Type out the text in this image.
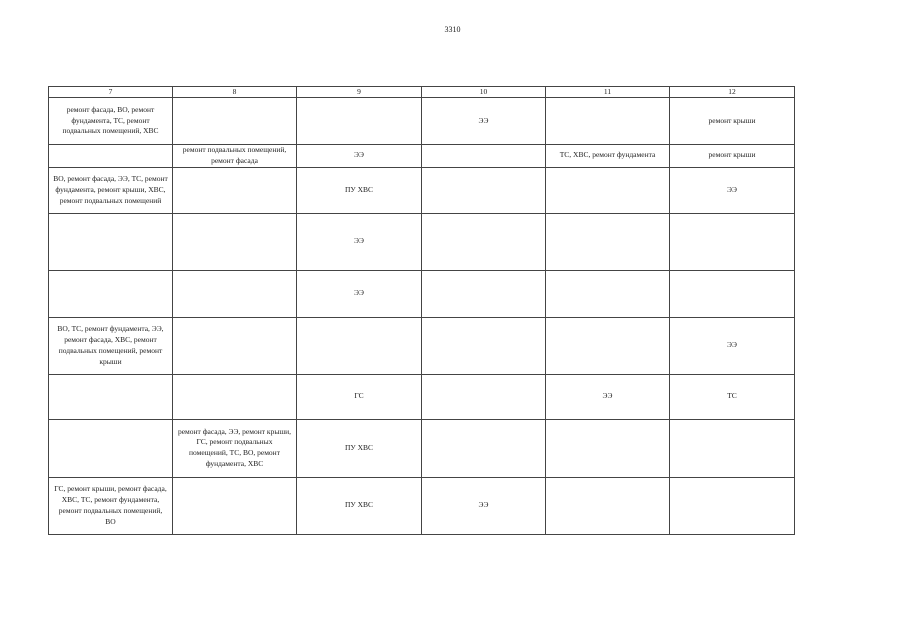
3310
7	8	9	10	11	12
ремонт фасада, ВО, ремонт фундамента, ТС, ремонт подвальных помещений, ХВС			ЭЭ		ремонт крыши
	ремонт подвальных помещений, ремонт фасада	ЭЭ		ТС, ХВС, ремонт фундамента	ремонт крыши
ВО, ремонт фасада, ЭЭ, ТС, ремонт фундамента, ремонт крыши, ХВС, ремонт подвальных помещений		ПУ ХВС			ЭЭ
		ЭЭ			
		ЭЭ			
ВО, ТС, ремонт фундамента, ЭЭ, ремонт фасада, ХВС, ремонт подвальных помещений, ремонт крыши					ЭЭ
		ГС		ЭЭ	ТС
	ремонт фасада, ЭЭ, ремонт крыши, ГС, ремонт подвальных помещений, ТС, ВО, ремонт фундамента, ХВС	ПУ ХВС			
ГС, ремонт крыши, ремонт фасада, ХВС, ТС, ремонт фундамента, ремонт подвальных помещений, ВО		ПУ ХВС	ЭЭ		
